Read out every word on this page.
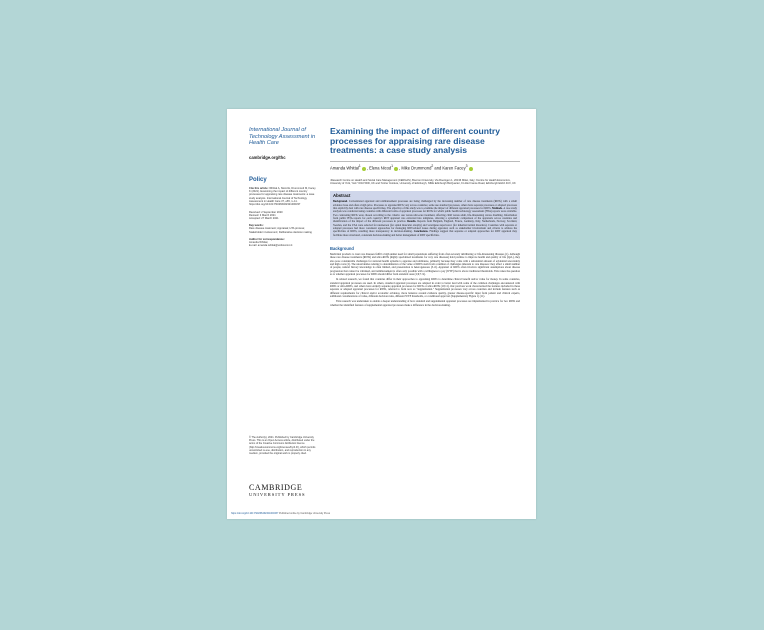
International Journal of Technology Assessment in Health Care

cambridge.org/thc
Policy
Cite this article: Whittal A, Nicod E, Drummond M, Facey K (2021). Examining the impact of different country processes for appraising rare disease treatments: a case study analysis. International Journal of Technology Assessment in Health Care 37, e65, 1–11. https://doi.org/10.1017/S0266462321000337
Received: 2 September 2020
Revised: 3 March 2021
Accepted: 27 March 2021
Key words:
Rare disease treatment; Appraisal; HTA process; Stakeholder involvement; Deliberative decision making
Author for correspondence:
Amanda Whittal,
E-mail: amanda.whittal@unibocconi.it
© The Author(s), 2021. Published by Cambridge University Press. This is an Open Access article, distributed under the terms of the Creative Commons Attribution licence (http://creativecommons.org/licenses/by/4.0/), which permits unrestricted re-use, distribution, and reproduction in any medium, provided the original work is properly cited.
CAMBRIDGE
UNIVERSITY PRESS
Examining the impact of different country processes for appraising rare disease treatments: a case study analysis
Amanda Whittal$^1$ , Elena Nicod$^1$ , Mike Drummond$^2$ and Karen Facey$^3$
¹Research Centre on Health and Social Care Management (CERGAS), Bocconi University, Via Roentgen 1, 20136 Milan, Italy; ²Centre for Health Economics, University of York, York YO10 5DD, UK and ³Usher Institute, University of Edinburgh, NINE Edinburgh BioQuarter, 9 Little France Road, Edinburgh EH16 4UX, UK
Abstract

Background. Conventional appraisal and reimbursement processes are being challenged by the increasing number of rare disease treatments (RDTs) with a small evidence base and often a high price. Processes to appraise RDTs vary across countries; some use standard processes, others have separate processes or adapted processes that explicitly deal with rare disease specificities. The objective of this study was to examine the impact of different appraisal processes for RDTs. Methods. A case study analysis was conducted using countries with different forms of appraisal processes for RDTs for which public health technology assessment (HTA) reports were available. Two contrasting RDTs were chosen according to the criteria: one versus ultra-rare treatment, affecting child versus adult, life-threatening versus disabling. Information from public HTA reports for each country's RDT appraisal was extracted into templates, allowing a systematic comparison of the appraisals across countries and identification of the impact of the different processes in practice. Results. Reports from Belgium, England, France, Germany, Italy, Netherlands, Norway, Scotland, Sweden, and the USA were selected for nusinersen (for spinal muscular atrophy) and voretigene neparvovec (for inherited retinal disorders). Countries with separate or adapted processes had more consistent approaches for managing RDT-related issues during appraisal, such as stakeholder involvement and criteria to address the specificities of RDTs, resulting more transparency in decision-making. Conclusions. Findings suggest that separate or adapted approaches for RDT appraisal may facilitate more structured, consistent decision-making and better management of RDT specificities.

Background

Medicinal products to treat rare diseases fulfill a high unmet need for small populations suffering from often severely debilitating or life-threatening illnesses (1). Although these rare disease treatments (RDTs) and ultra-RDTs (highly specialized treatments for very rare diseases) hold promise to improve health and quality of life (QoL), they also pose considerable challenges for national health systems to appraise and reimburse, primarily because they come with a substantial amount of evidential uncertainty and high costs (2). The uncertainties relating to determination of the value of RDTs stem from a number of challenges inherent to rare diseases: they affect a small number of people, natural history knowledge is often limited, and presentation is heterogeneous (3–6). Appraisal of RDTs often involves significant assumptions about disease progression that cannot be validated, and reimbursement is often only possible with a willingness to pay (WTP) that is above traditional thresholds. This raises the question as to whether appraisal processes for RDTs should differ from standard ones (2;6;7–9).

In related research, we found that countries differ in their approaches to appraising RDTs to determine clinical benefit and/or value for money. In some countries, standard appraisal processes are used. In others, standard appraisal processes are adapted in order to better deal with some of the common challenges encountered with RDTs or ultra-RDTs, and others have entirely separate appraisal processes for RDTs or ultra-RDTs (10;11). Our previous work characterized the features included in these separate or adapted appraisal processes for RDTs, referred to from now as "supplemental." Supplemental processes vary across countries and include features such as different requirements for clinical and/or economic evidence, more lenience around evidence quality, greater disease-specific input from patient and clinical experts, additional considerations of value, different decision rules, different WTP thresholds, or conditional approval (Supplementary Figure 1) (11).

This research was undertaken to enable a deeper understanding of how standard and supplemental appraisal processes are implemented in practice for two RDTs and whether the identified features of supplemental appraisal processes make a difference in the decision-making.

https://doi.org/10.1017/S0266462321000337 Published online by Cambridge University Press
